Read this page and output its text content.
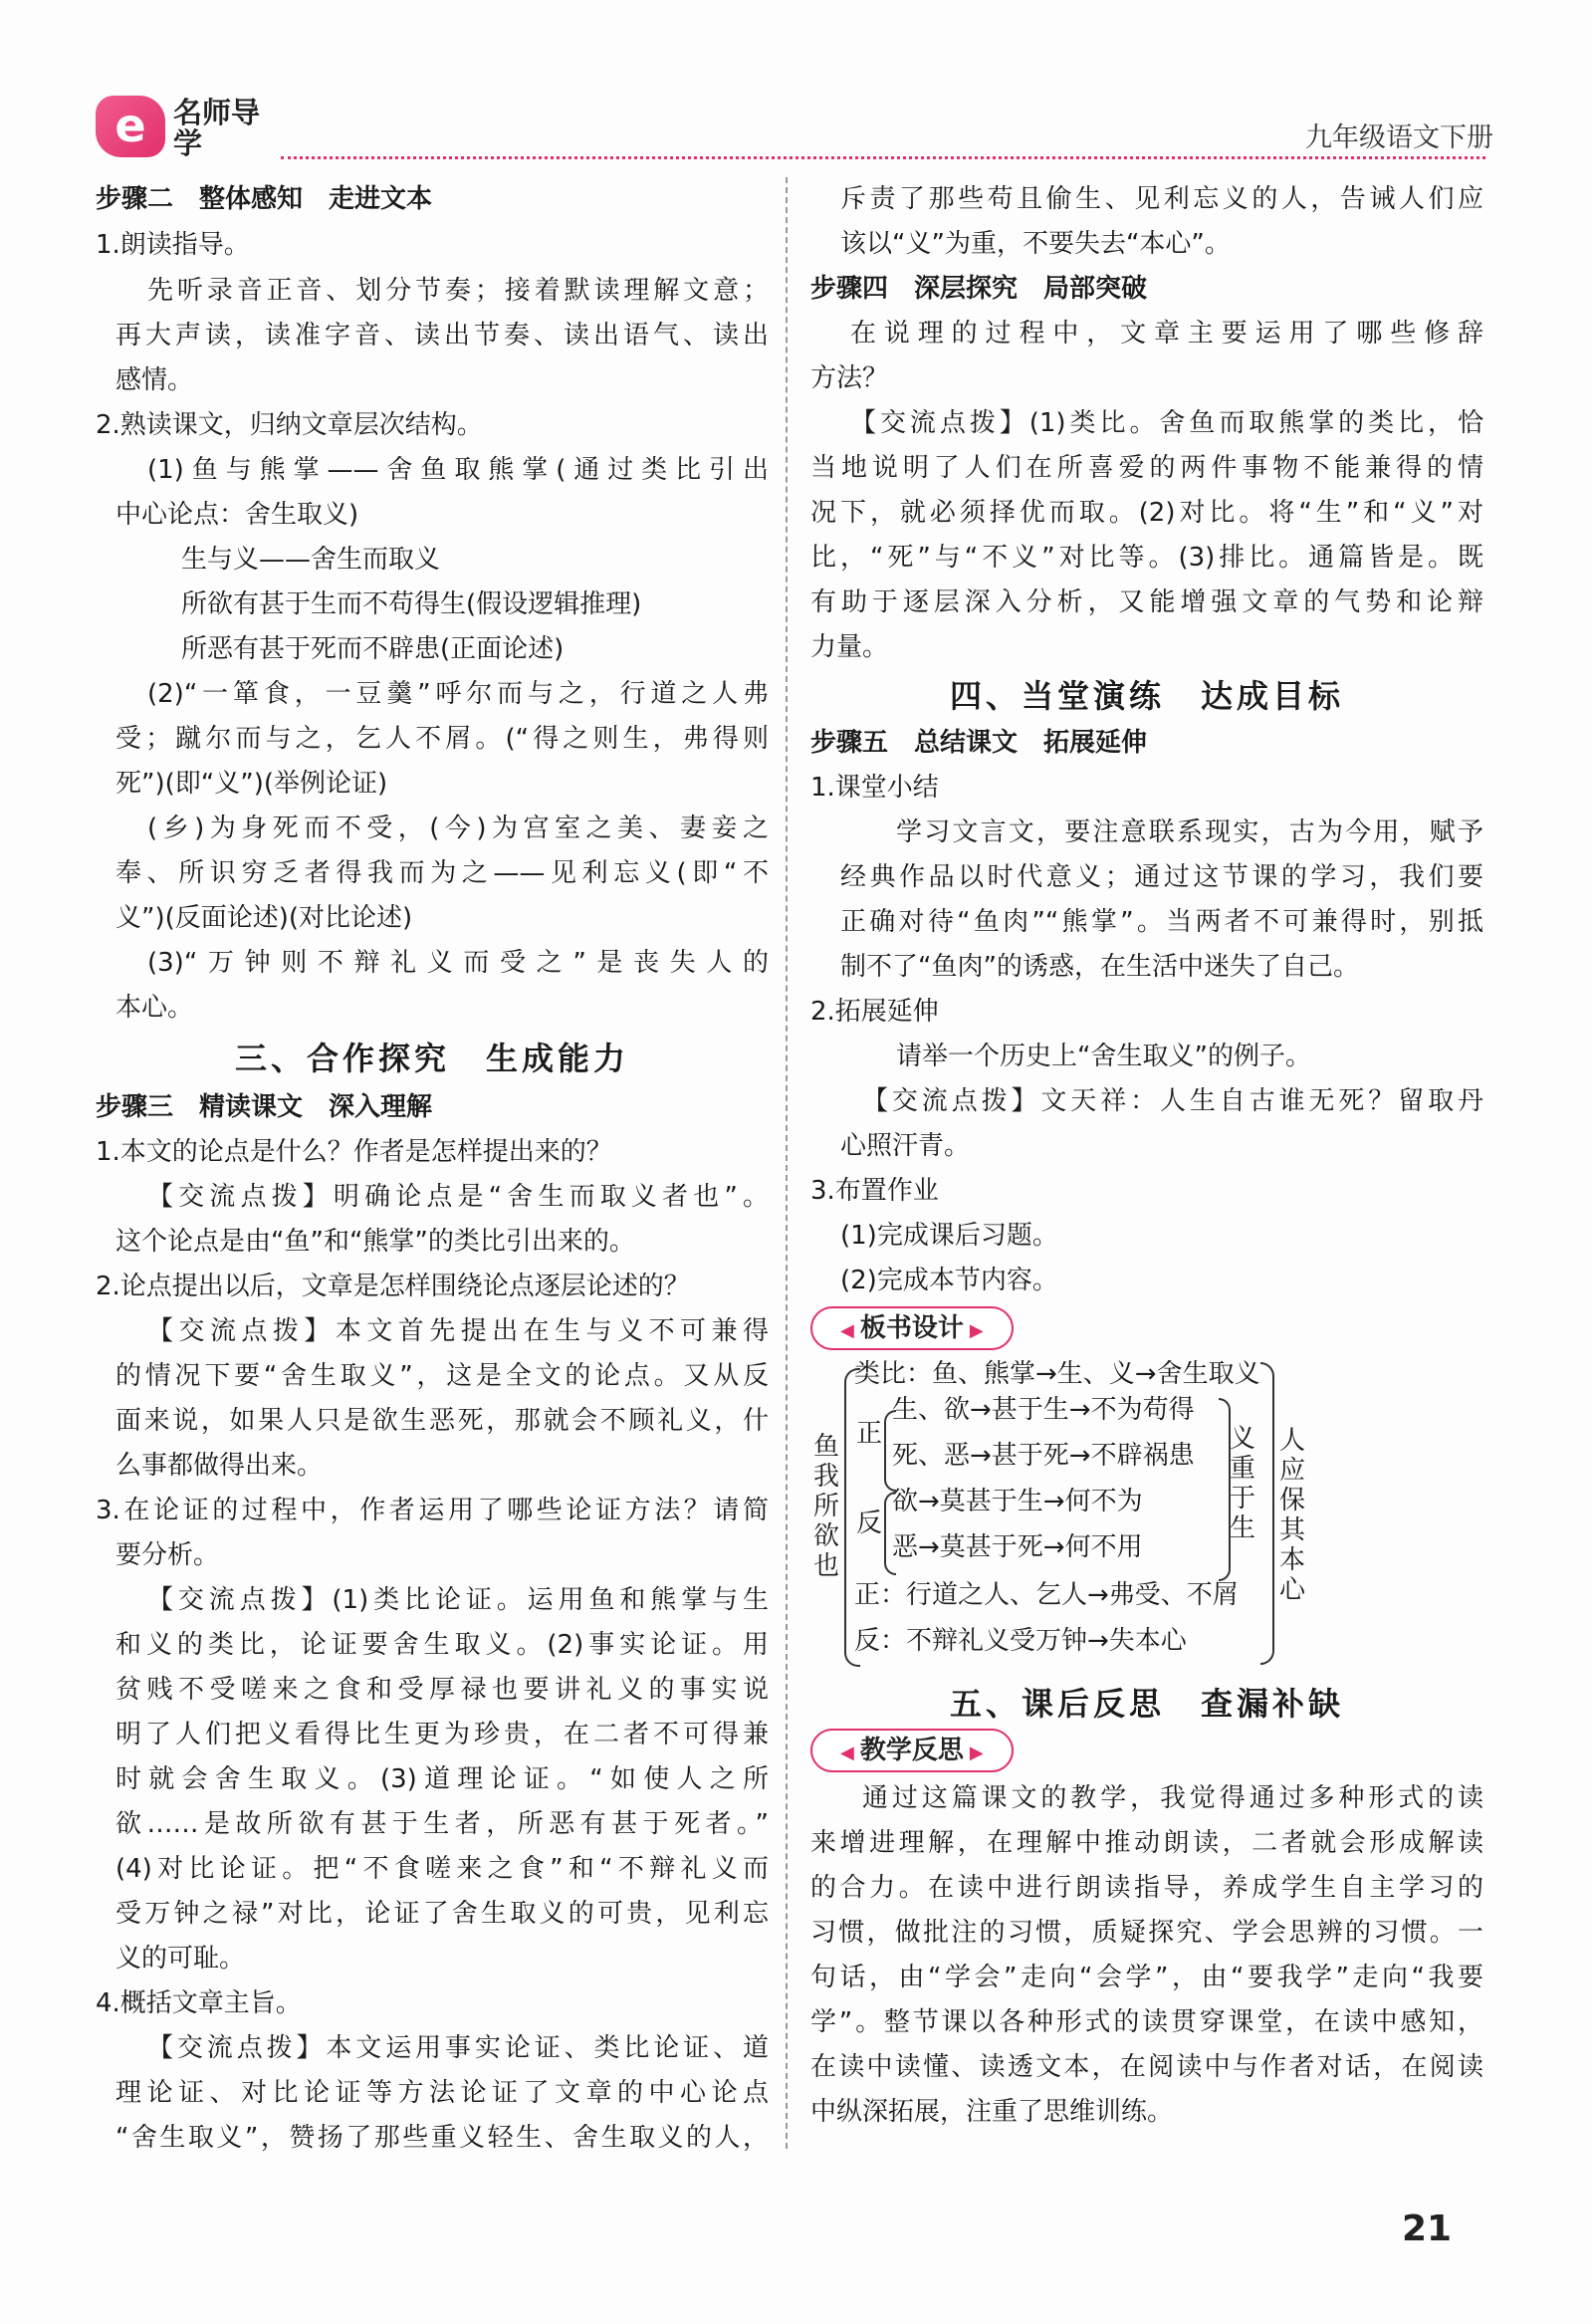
e 名师导学	九年级语文下册
步骤二　整体感知　走进文本
1.朗读指导。
先听录音正音、划分节奏；接着默读理解文意；
再大声读，读准字音、读出节奏、读出语气、读出
感情。
2.熟读课文，归纳文章层次结构。
(1)鱼与熊掌——舍鱼取熊掌(通过类比引出
中心论点：舍生取义)
生与义——舍生而取义
所欲有甚于生而不苟得生(假设逻辑推理)
所恶有甚于死而不辟患(正面论述)
(2)“一箪食，一豆羹”呼尔而与之，行道之人弗
受；蹴尔而与之，乞人不屑。(“得之则生，弗得则
死”)(即“义”)(举例论证)
(乡)为身死而不受，(今)为宫室之美、妻妾之
奉、所识穷乏者得我而为之——见利忘义(即“不
义”)(反面论述)(对比论述)
(3)“万钟则不辩礼义而受之”是丧失人的
本心。
三、合作探究　生成能力
步骤三　精读课文　深入理解
1.本文的论点是什么？作者是怎样提出来的？
【交流点拨】明确论点是“舍生而取义者也”。
这个论点是由“鱼”和“熊掌”的类比引出来的。
2.论点提出以后，文章是怎样围绕论点逐层论述的？
【交流点拨】本文首先提出在生与义不可兼得
的情况下要“舍生取义”，这是全文的论点。又从反
面来说，如果人只是欲生恶死，那就会不顾礼义，什
么事都做得出来。
3.在论证的过程中，作者运用了哪些论证方法？请简
要分析。
【交流点拨】(1)类比论证。运用鱼和熊掌与生
和义的类比，论证要舍生取义。(2)事实论证。用
贫贱不受嗟来之食和受厚禄也要讲礼义的事实说
明了人们把义看得比生更为珍贵，在二者不可得兼
时就会舍生取义。(3)道理论证。“如使人之所
欲……是故所欲有甚于生者，所恶有甚于死者。”
(4)对比论证。把“不食嗟来之食”和“不辩礼义而
受万钟之禄”对比，论证了舍生取义的可贵，见利忘
义的可耻。
4.概括文章主旨。
【交流点拨】本文运用事实论证、类比论证、道
理论证、对比论证等方法论证了文章的中心论点
“舍生取义”，赞扬了那些重义轻生、舍生取义的人，
斥责了那些苟且偷生、见利忘义的人，告诫人们应
该以“义”为重，不要失去“本心”。
步骤四　深层探究　局部突破
在说理的过程中，文章主要运用了哪些修辞
方法？
【交流点拨】(1)类比。舍鱼而取熊掌的类比，恰
当地说明了人们在所喜爱的两件事物不能兼得的情
况下，就必须择优而取。(2)对比。将“生”和“义”对
比，“死”与“不义”对比等。(3)排比。通篇皆是。既
有助于逐层深入分析，又能增强文章的气势和论辩
力量。
四、当堂演练　达成目标
步骤五　总结课文　拓展延伸
1.课堂小结
学习文言文，要注意联系现实，古为今用，赋予
经典作品以时代意义；通过这节课的学习，我们要
正确对待“鱼肉”“熊掌”。当两者不可兼得时，别抵
制不了“鱼肉”的诱惑，在生活中迷失了自己。
2.拓展延伸
请举一个历史上“舍生取义”的例子。
【交流点拨】文天祥：人生自古谁无死？留取丹
心照汗青。
3.布置作业
(1)完成课后习题。
(2)完成本节内容。
◀ 板书设计 ▶
鱼我所欲也
类比：鱼、熊掌→生、义→舍生取义
正
生、欲→甚于生→不为苟得
死、恶→甚于死→不辟祸患
反
欲→莫甚于生→何不为
恶→莫甚于死→何不用
义重于生
正：行道之人、乞人→弗受、不屑
反：不辩礼义受万钟→失本心
人应保其本心
五、课后反思　查漏补缺
◀ 教学反思 ▶
通过这篇课文的教学，我觉得通过多种形式的读
来增进理解，在理解中推动朗读，二者就会形成解读
的合力。在读中进行朗读指导，养成学生自主学习的
习惯，做批注的习惯，质疑探究、学会思辨的习惯。一
句话，由“学会”走向“会学”，由“要我学”走向“我要
学”。整节课以各种形式的读贯穿课堂，在读中感知，
在读中读懂、读透文本，在阅读中与作者对话，在阅读
中纵深拓展，注重了思维训练。
21
